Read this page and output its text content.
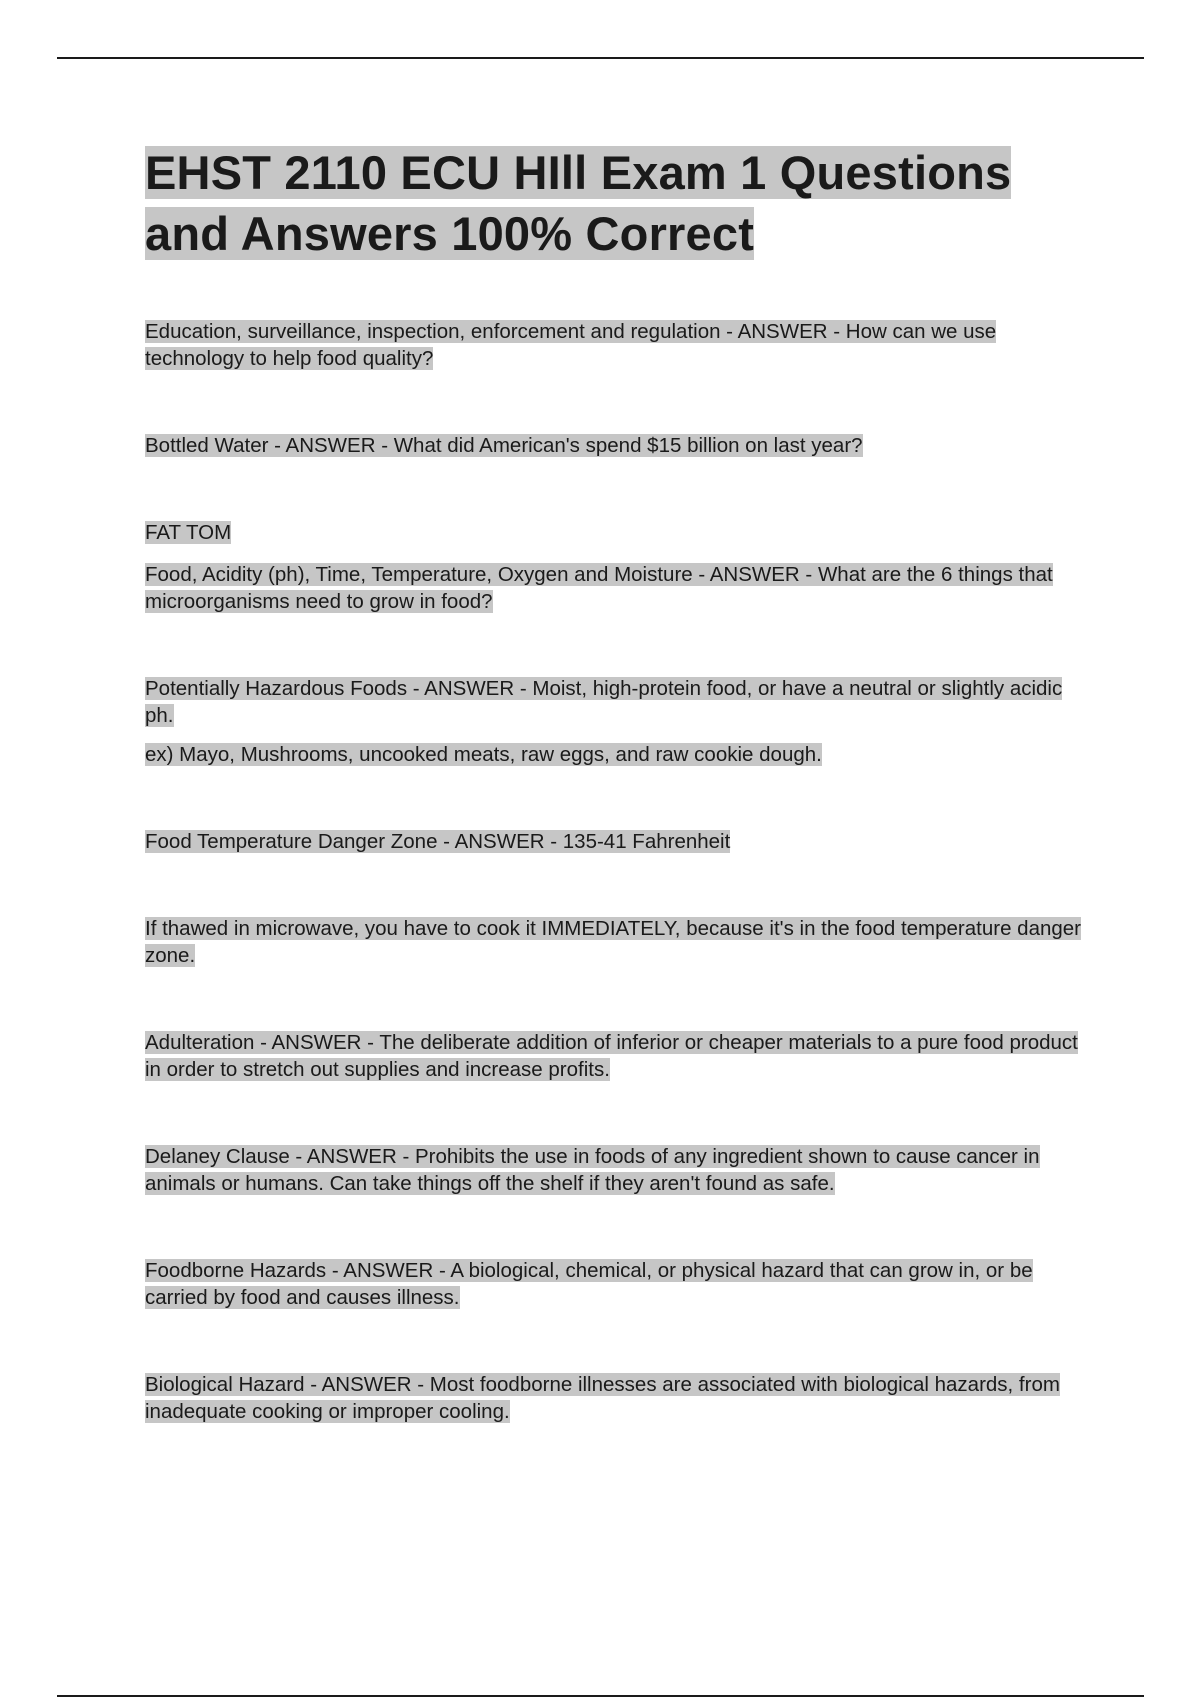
EHST 2110 ECU HIll Exam 1 Questions and Answers 100% Correct

Education, surveillance, inspection, enforcement and regulation - ANSWER - How can we use technology to help food quality?

Bottled Water - ANSWER - What did American's spend $15 billion on last year?

FAT TOM

Food, Acidity (ph), Time, Temperature, Oxygen and Moisture - ANSWER - What are the 6 things that microorganisms need to grow in food?

Potentially Hazardous Foods - ANSWER - Moist, high-protein food, or have a neutral or slightly acidic ph.

ex) Mayo, Mushrooms, uncooked meats, raw eggs, and raw cookie dough.

Food Temperature Danger Zone - ANSWER - 135-41 Fahrenheit

If thawed in microwave, you have to cook it IMMEDIATELY, because it's in the food temperature danger zone.

Adulteration - ANSWER - The deliberate addition of inferior or cheaper materials to a pure food product in order to stretch out supplies and increase profits.

Delaney Clause - ANSWER - Prohibits the use in foods of any ingredient shown to cause cancer in animals or humans. Can take things off the shelf if they aren't found as safe.

Foodborne Hazards - ANSWER - A biological, chemical, or physical hazard that can grow in, or be carried by food and causes illness.

Biological Hazard - ANSWER - Most foodborne illnesses are associated with biological hazards, from inadequate cooking or improper cooling.
